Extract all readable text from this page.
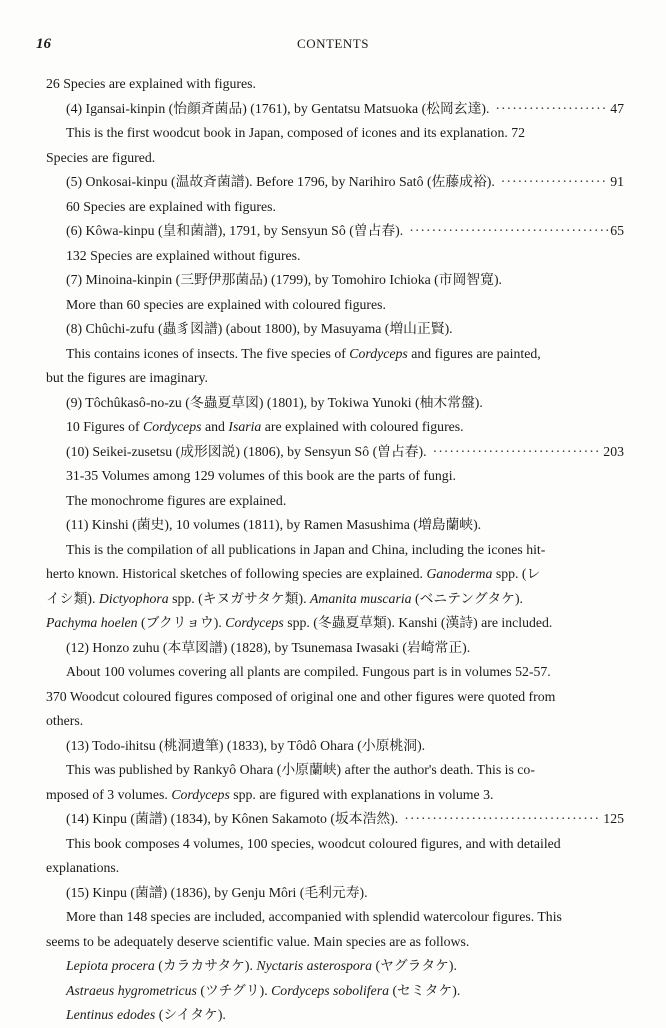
16	CONTENTS

26 Species are explained with figures.

(4) Igansai-kinpin (怡顔斉菌品) (1761), by Gentatsu Matsuoka (松岡玄達). ·····	47

This is the first woodcut book in Japan, composed of icones and its explanation. 72

Species are figured.

(5) Onkosai-kinpu (温故斉菌譜). Before 1796, by Narihiro Satô (佐藤成裕). ·····	91

60 Species are explained with figures.

(6) Kôwa-kinpu (皇和菌譜), 1791, by Sensyun Sô (曽占春). ·····	65

132 Species are explained without figures.

(7) Minoina-kinpin (三野伊那菌品) (1799), by Tomohiro Ichioka (市岡智寛).

More than 60 species are explained with coloured figures.

(8) Chûchi-zufu (蟲豸図譜) (about 1800), by Masuyama (増山正賢).

This contains icones of insects. The five species of Cordyceps and figures are painted,

but the figures are imaginary.

(9) Tôchûkasô-no-zu (冬蟲夏草図) (1801), by Tokiwa Yunoki (柚木常盤).

10 Figures of Cordyceps and Isaria are explained with coloured figures.

(10) Seikei-zusetsu (成形図説) (1806), by Sensyun Sô (曽占春). ·····	203

31-35 Volumes among 129 volumes of this book are the parts of fungi.

The monochrome figures are explained.

(11) Kinshi (菌史), 10 volumes (1811), by Ramen Masushima (増島蘭峡).

This is the compilation of all publications in Japan and China, including the icones hit-

herto known. Historical sketches of following species are explained. Ganoderma spp. (レ

イシ類). Dictyophora spp. (キヌガサタケ類). Amanita muscaria (ベニテングタケ).

Pachyma hoelen (ブクリョウ). Cordyceps spp. (冬蟲夏草類). Kanshi (漢詩) are included.

(12) Honzo zuhu (本草図譜) (1828), by Tsunemasa Iwasaki (岩崎常正).

About 100 volumes covering all plants are compiled. Fungous part is in volumes 52-57.

370 Woodcut coloured figures composed of original one and other figures were quoted from

others.

(13) Todo-ihitsu (桃洞遺筆) (1833), by Tôdô Ohara (小原桃洞).

This was published by Rankyô Ohara (小原蘭峡) after the author's death. This is co-

mposed of 3 volumes. Cordyceps spp. are figured with explanations in volume 3.

(14) Kinpu (菌譜) (1834), by Kônen Sakamoto (坂本浩然). ·····	125

This book composes 4 volumes, 100 species, woodcut coloured figures, and with detailed

explanations.

(15) Kinpu (菌譜) (1836), by Genju Môri (毛利元寿).

More than 148 species are included, accompanied with splendid watercolour figures. This

seems to be adequately deserve scientific value. Main species are as follows.

Lepiota procera (カラカサタケ). Nyctaris asterospora (ヤグラタケ).

Astraeus hygrometricus (ツチグリ). Cordyceps sobolifera (セミタケ).

Lentinus edodes (シイタケ).
